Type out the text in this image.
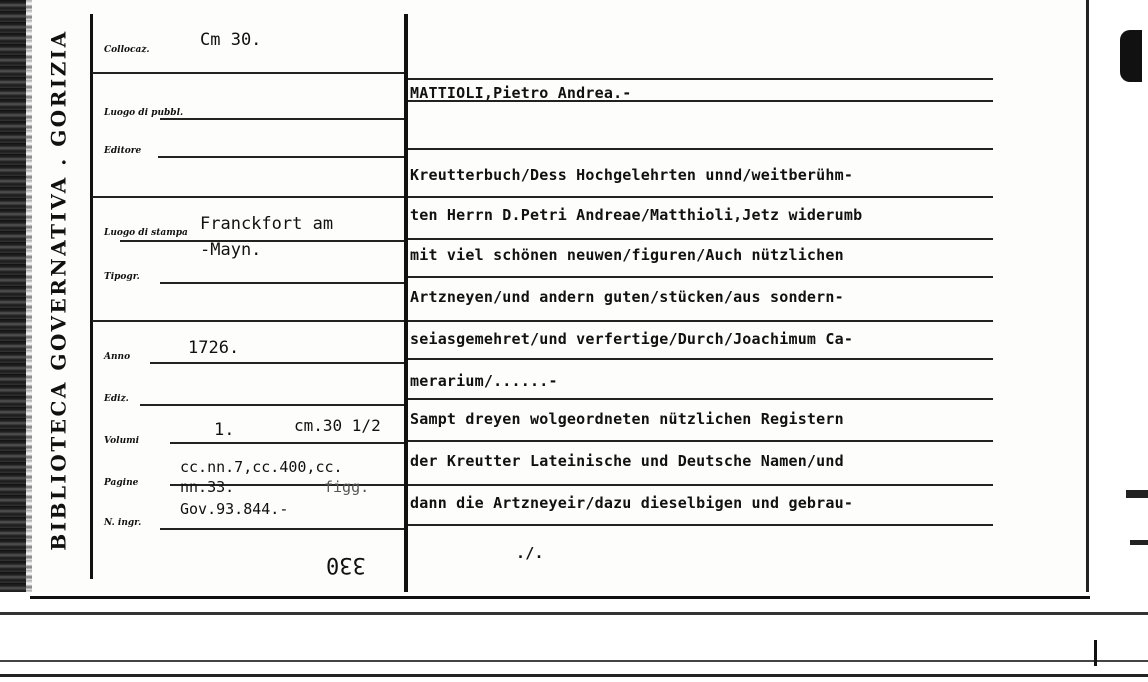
BIBLIOTECA GOVERNATIVA . GORIZIA	Collocaz.	Cm 30.
Luogo di pubbl.
Editore
Luogo di stampa Franckfort am
-Mayn.
Tipogr.
Anno	1726.
Ediz.
Volumi
1.	cm.30 1/2
Pagine
cc.nn.7,cc.400,cc.
nn.33.	figg.
N. ingr.
Gov.93.844.-
330
MATTIOLI,Pietro Andrea.-
Kreutterbuch/Dess Hochgelehrten unnd/weitberühm-
ten Herrn D.Petri Andreae/Matthioli,Jetz widerumb
mit viel schönen neuwen/figuren/Auch nützlichen
Artzneyen/und andern guten/stücken/aus sondern-
seiasgemehret/und verfertige/Durch/Joachimum Ca-
merarium/......-
Sampt dreyen wolgeordneten nützlichen Registern
der Kreutter Lateinische und Deutsche Namen/und
dann die Artzneyeir/dazu dieselbigen und gebrau-
./.
